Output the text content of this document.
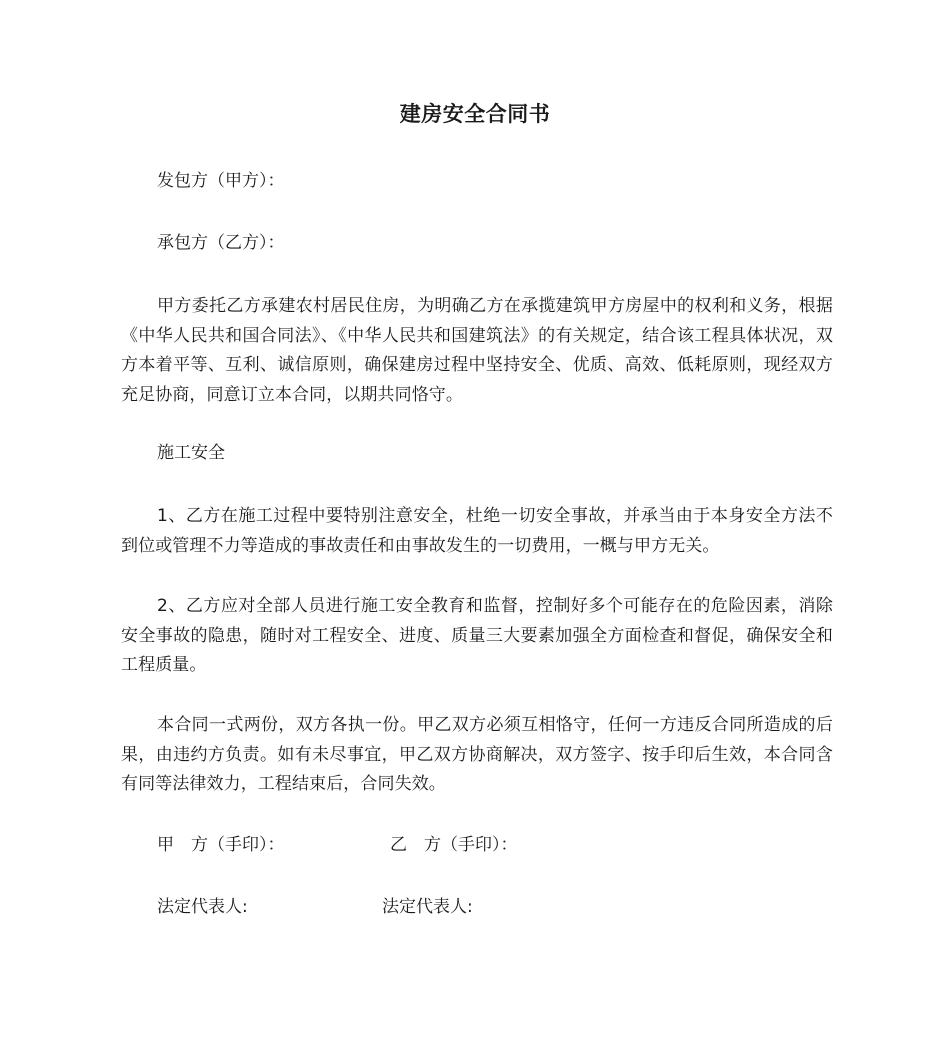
建房安全合同书
发包方（甲方）：
承包方（乙方）：

甲方委托乙方承建农村居民住房，为明确乙方在承揽建筑甲方房屋中的权利和义务，根据《中华人民共和国合同法》、《中华人民共和国建筑法》的有关规定，结合该工程具体状况，双方本着平等、互利、诚信原则，确保建房过程中坚持安全、优质、高效、低耗原则，现经双方充足协商，同意订立本合同，以期共同恪守。

施工安全

1、乙方在施工过程中要特别注意安全，杜绝一切安全事故，并承当由于本身安全方法不到位或管理不力等造成的事故责任和由事故发生的一切费用，一概与甲方无关。

2、乙方应对全部人员进行施工安全教育和监督，控制好多个可能存在的危险因素，消除安全事故的隐患，随时对工程安全、进度、质量三大要素加强全方面检查和督促，确保安全和工程质量。

本合同一式两份，双方各执一份。甲乙双方必须互相恪守，任何一方违反合同所造成的后果，由违约方负责。如有未尽事宜，甲乙双方协商解决，双方签字、按手印后生效，本合同含有同等法律效力，工程结束后，合同失效。

甲　方（手印）：	乙　方（手印）：
法定代表人:	法定代表人:
